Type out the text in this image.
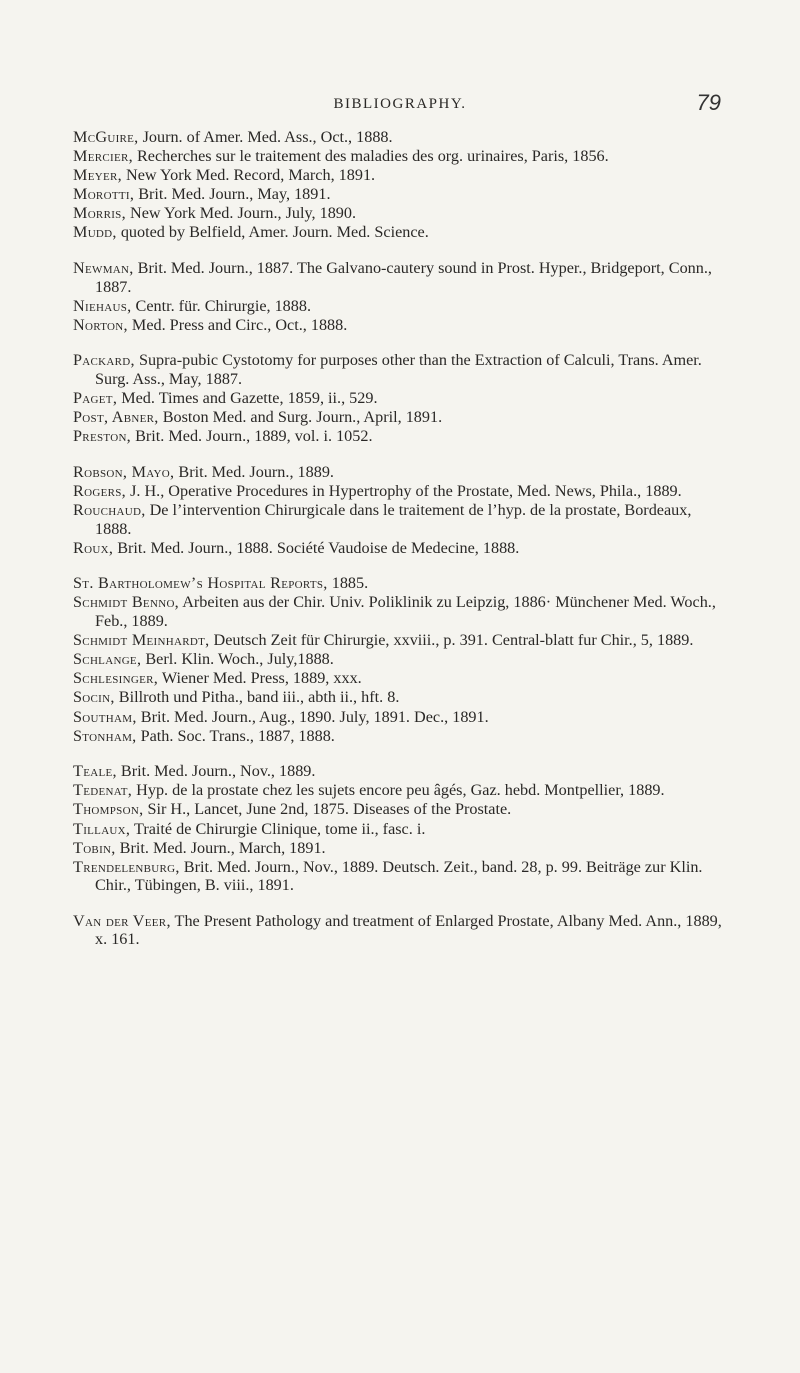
BIBLIOGRAPHY.	79

McGuire, Journ. of Amer. Med. Ass., Oct., 1888.

Mercier, Recherches sur le traitement des maladies des org. urinaires, Paris, 1856.

Meyer, New York Med. Record, March, 1891.

Morotti, Brit. Med. Journ., May, 1891.

Morris, New York Med. Journ., July, 1890.

Mudd, quoted by Belfield, Amer. Journ. Med. Science.

Newman, Brit. Med. Journ., 1887. The Galvano-cautery sound in Prost. Hyper., Bridgeport, Conn., 1887.

Niehaus, Centr. für. Chirurgie, 1888.

Norton, Med. Press and Circ., Oct., 1888.

Packard, Supra-pubic Cystotomy for purposes other than the Extraction of Calculi, Trans. Amer. Surg. Ass., May, 1887.

Paget, Med. Times and Gazette, 1859, ii., 529.

Post, Abner, Boston Med. and Surg. Journ., April, 1891.

Preston, Brit. Med. Journ., 1889, vol. i. 1052.

Robson, Mayo, Brit. Med. Journ., 1889.

Rogers, J. H., Operative Procedures in Hypertrophy of the Prostate, Med. News, Phila., 1889.

Rouchaud, De l’intervention Chirurgicale dans le traitement de l’hyp. de la prostate, Bordeaux, 1888.

Roux, Brit. Med. Journ., 1888. Société Vaudoise de Medecine, 1888.

St. Bartholomew’s Hospital Reports, 1885.

Schmidt Benno, Arbeiten aus der Chir. Univ. Poliklinik zu Leipzig, 1886· Münchener Med. Woch., Feb., 1889.

Schmidt Meinhardt, Deutsch Zeit für Chirurgie, xxviii., p. 391. Central-blatt fur Chir., 5, 1889.

Schlange, Berl. Klin. Woch., July,1888.

Schlesinger, Wiener Med. Press, 1889, xxx.

Socin, Billroth und Pitha., band iii., abth ii., hft. 8.

Southam, Brit. Med. Journ., Aug., 1890. July, 1891. Dec., 1891.

Stonham, Path. Soc. Trans., 1887, 1888.

Teale, Brit. Med. Journ., Nov., 1889.

Tedenat, Hyp. de la prostate chez les sujets encore peu âgés, Gaz. hebd. Montpellier, 1889.

Thompson, Sir H., Lancet, June 2nd, 1875. Diseases of the Prostate.

Tillaux, Traité de Chirurgie Clinique, tome ii., fasc. i.

Tobin, Brit. Med. Journ., March, 1891.

Trendelenburg, Brit. Med. Journ., Nov., 1889. Deutsch. Zeit., band. 28, p. 99. Beiträge zur Klin. Chir., Tübingen, B. viii., 1891.

Van der Veer, The Present Pathology and treatment of Enlarged Prostate, Albany Med. Ann., 1889, x. 161.
